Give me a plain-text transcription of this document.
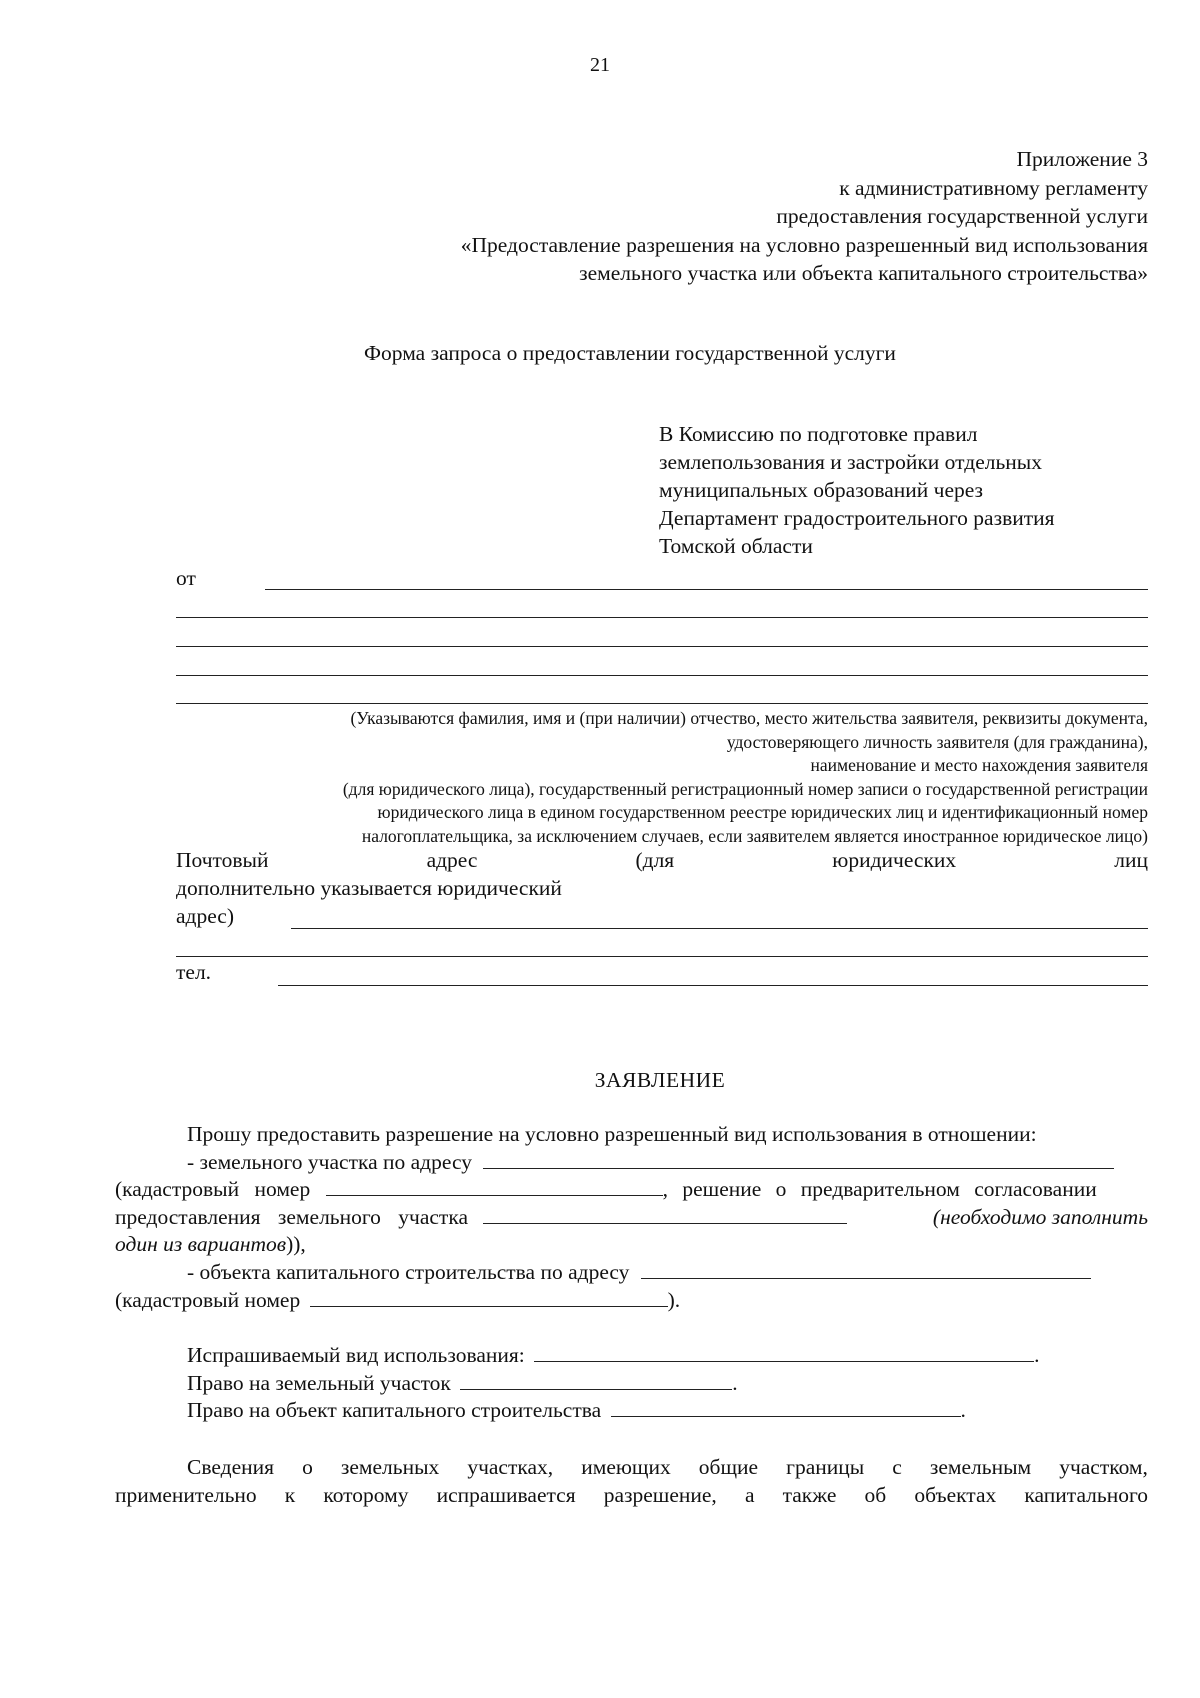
21
Приложение 3
к административному регламенту
предоставления государственной услуги
«Предоставление разрешения на условно разрешенный вид использования
земельного участка или объекта капитального строительства»
Форма запроса о предоставлении государственной услуги
В Комиссию по подготовке правил
землепользования и застройки отдельных
муниципальных образований через
Департамент градостроительного развития
Томской области
от
(Указываются фамилия, имя и (при наличии) отчество, место жительства заявителя, реквизиты документа,
удостоверяющего личность заявителя (для гражданина),
наименование и место нахождения заявителя
(для юридического лица), государственный регистрационный номер записи о государственной регистрации
юридического лица в едином государственном реестре юридических лиц и идентификационный номер
налогоплательщика, за исключением случаев, если заявителем является иностранное юридическое лицо)
Почтовый	адрес	(для	юридических	лиц
дополнительно указывается юридический
адрес)
тел.
ЗАЯВЛЕНИЕ
Прошу предоставить разрешение на условно разрешенный вид использования в отношении:
- земельного участка по адресу
(кадастровый номер	, решение о предварительном согласовании
предоставления земельного участка	(необходимо заполнить
один из вариантов)),
- объекта капитального строительства по адресу
(кадастровый номер	).
Испрашиваемый вид использования:	.
Право на земельный участок	.
Право на объект капитального строительства	.
Сведения о земельных участках, имеющих общие границы с земельным участком,
применительно к которому испрашивается разрешение, а также об объектах капитального
